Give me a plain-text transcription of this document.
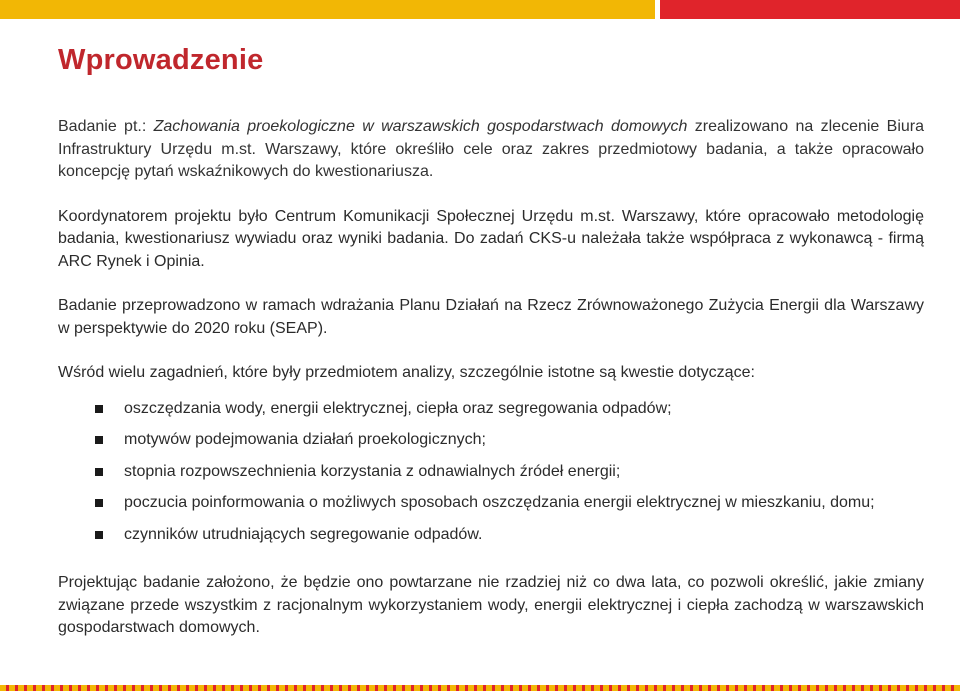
Wprowadzenie

Badanie pt.: Zachowania proekologiczne w warszawskich gospodarstwach domowych zrealizowano na zlecenie Biura Infrastruktury Urzędu m.st. Warszawy, które określiło cele oraz zakres przedmiotowy badania, a także opracowało koncepcję pytań wskaźnikowych do kwestionariusza.

Koordynatorem projektu było Centrum Komunikacji Społecznej Urzędu m.st. Warszawy, które opracowało metodologię badania, kwestionariusz wywiadu oraz wyniki badania. Do zadań CKS-u należała także współpraca z wykonawcą - firmą ARC Rynek i Opinia.

Badanie przeprowadzono w ramach wdrażania Planu Działań na Rzecz Zrównoważonego Zużycia Energii dla Warszawy w perspektywie do 2020 roku (SEAP).

Wśród wielu zagadnień, które były przedmiotem analizy, szczególnie istotne są kwestie dotyczące:

oszczędzania wody, energii elektrycznej, ciepła oraz segregowania odpadów;
motywów podejmowania działań proekologicznych;
stopnia rozpowszechnienia korzystania z odnawialnych źródeł energii;
poczucia poinformowania o możliwych sposobach oszczędzania energii elektrycznej w mieszkaniu, domu;
czynników utrudniających segregowanie odpadów.

Projektując badanie założono, że będzie ono powtarzane nie rzadziej niż co dwa lata, co pozwoli określić, jakie zmiany związane przede wszystkim z racjonalnym wykorzystaniem wody, energii elektrycznej i ciepła zachodzą w warszawskich gospodarstwach domowych.
